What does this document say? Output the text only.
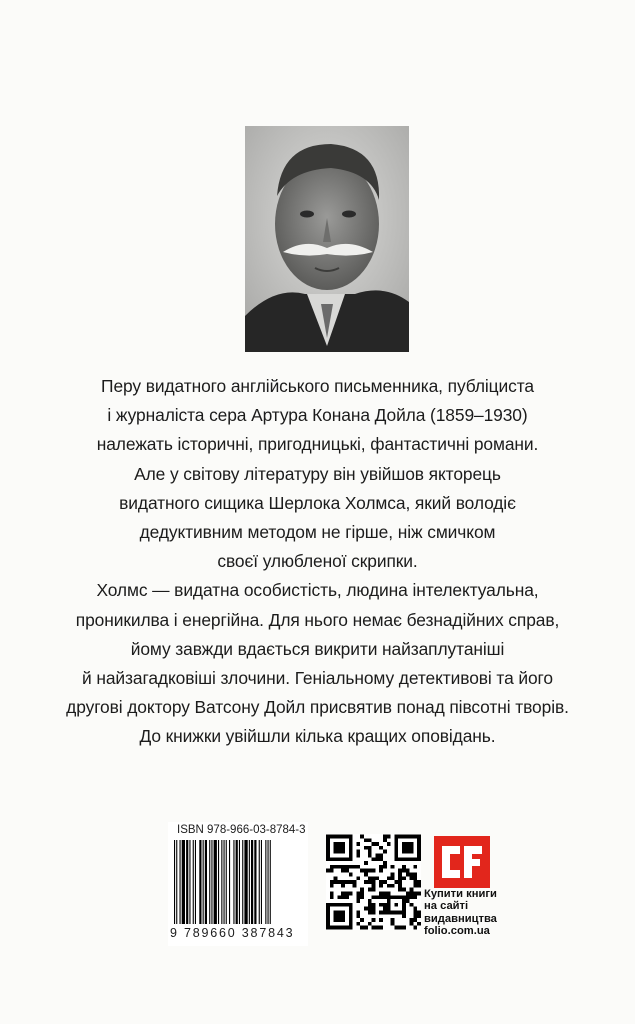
Перу видатного англійського письменника, публіциста
і журналіста сера Артура Конана Дойла (1859–1930)
належать історичні, пригодницькі, фантастичні романи.
Але у світову літературу він увійшов якторець
видатного сищика Шерлока Холмса, який володіє
дедуктивним методом не гірше, ніж смичком
своєї улюбленої скрипки.
Холмс — видатна особистість, людина інтелектуальна,
проникилва і енергійна. Для нього немає безнадійних справ,
йому завжди вдається викрити найзаплутаніші
й найзагадковіші злочини. Геніальному детективові та його
другові доктору Ватсону Дойл присвятив понад півсотні творів.
До книжки увійшли кілька кращих оповідань.
ISBN 978-966-03-8784-3
9 789660 387843
Купити книги
на сайті
видавництва
folio.com.ua
